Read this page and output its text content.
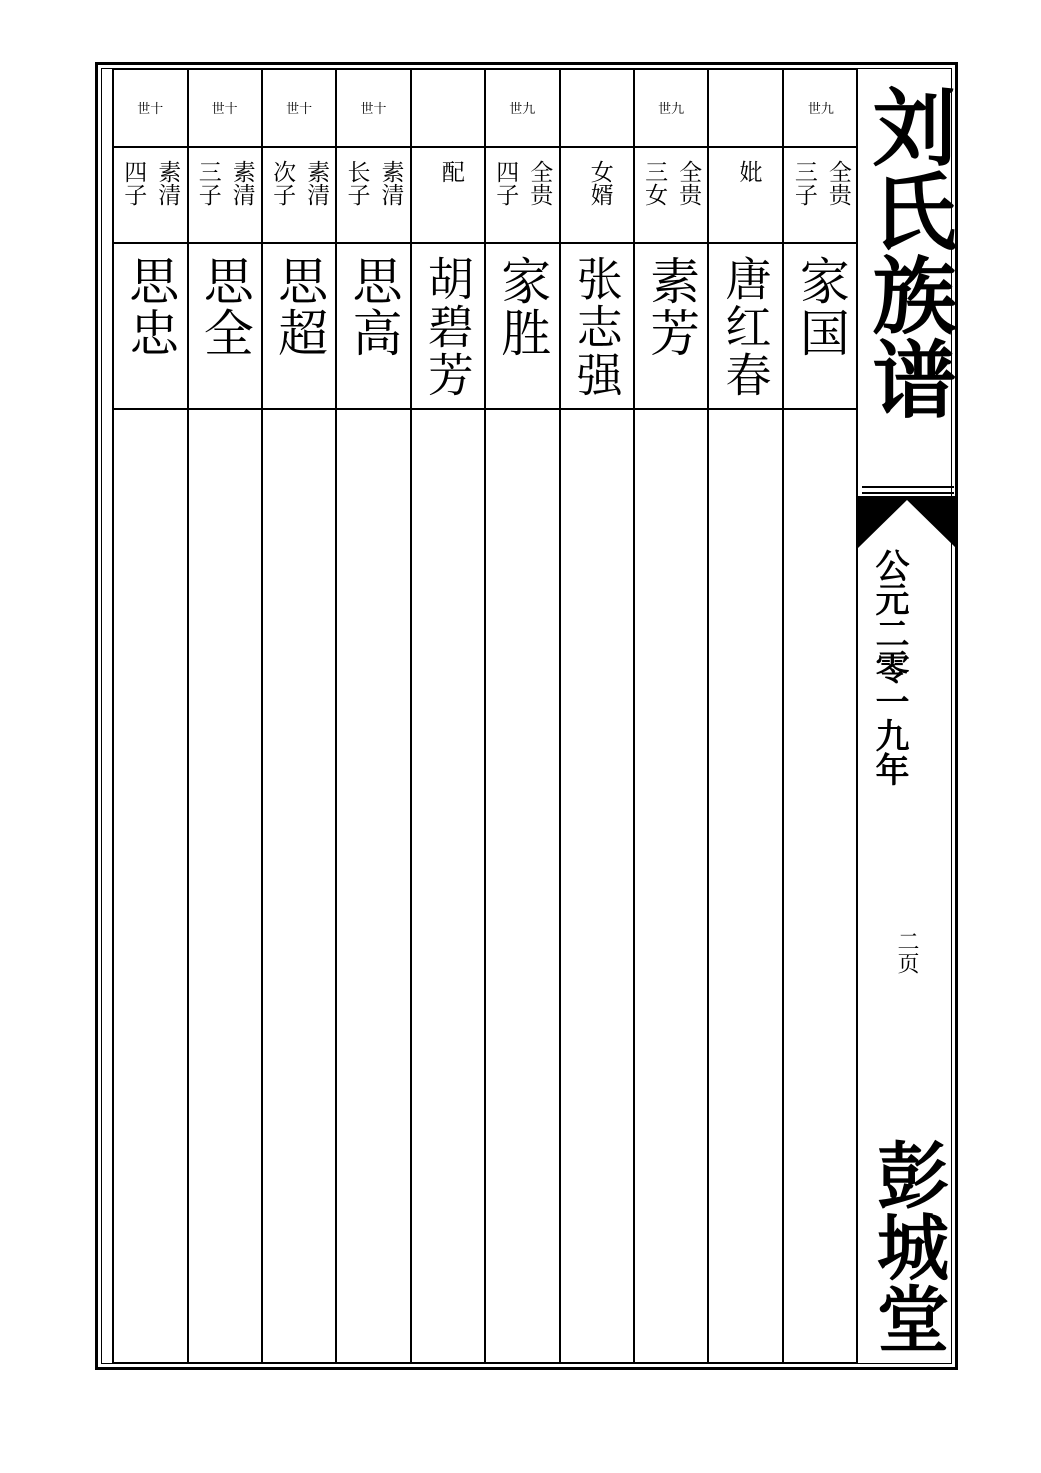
世十
素清
四子
思忠
世十
素清
三子
思全
世十
素清
次子
思超
世十
素清
长子
思高
配
胡碧芳
世九
全贵
四子
家胜
女婿
张志强
世九
全贵
三女
素芳
妣
唐红春
世九
全贵
三子
家国 刘氏族谱
公元二零一九年
二页
彭城堂
